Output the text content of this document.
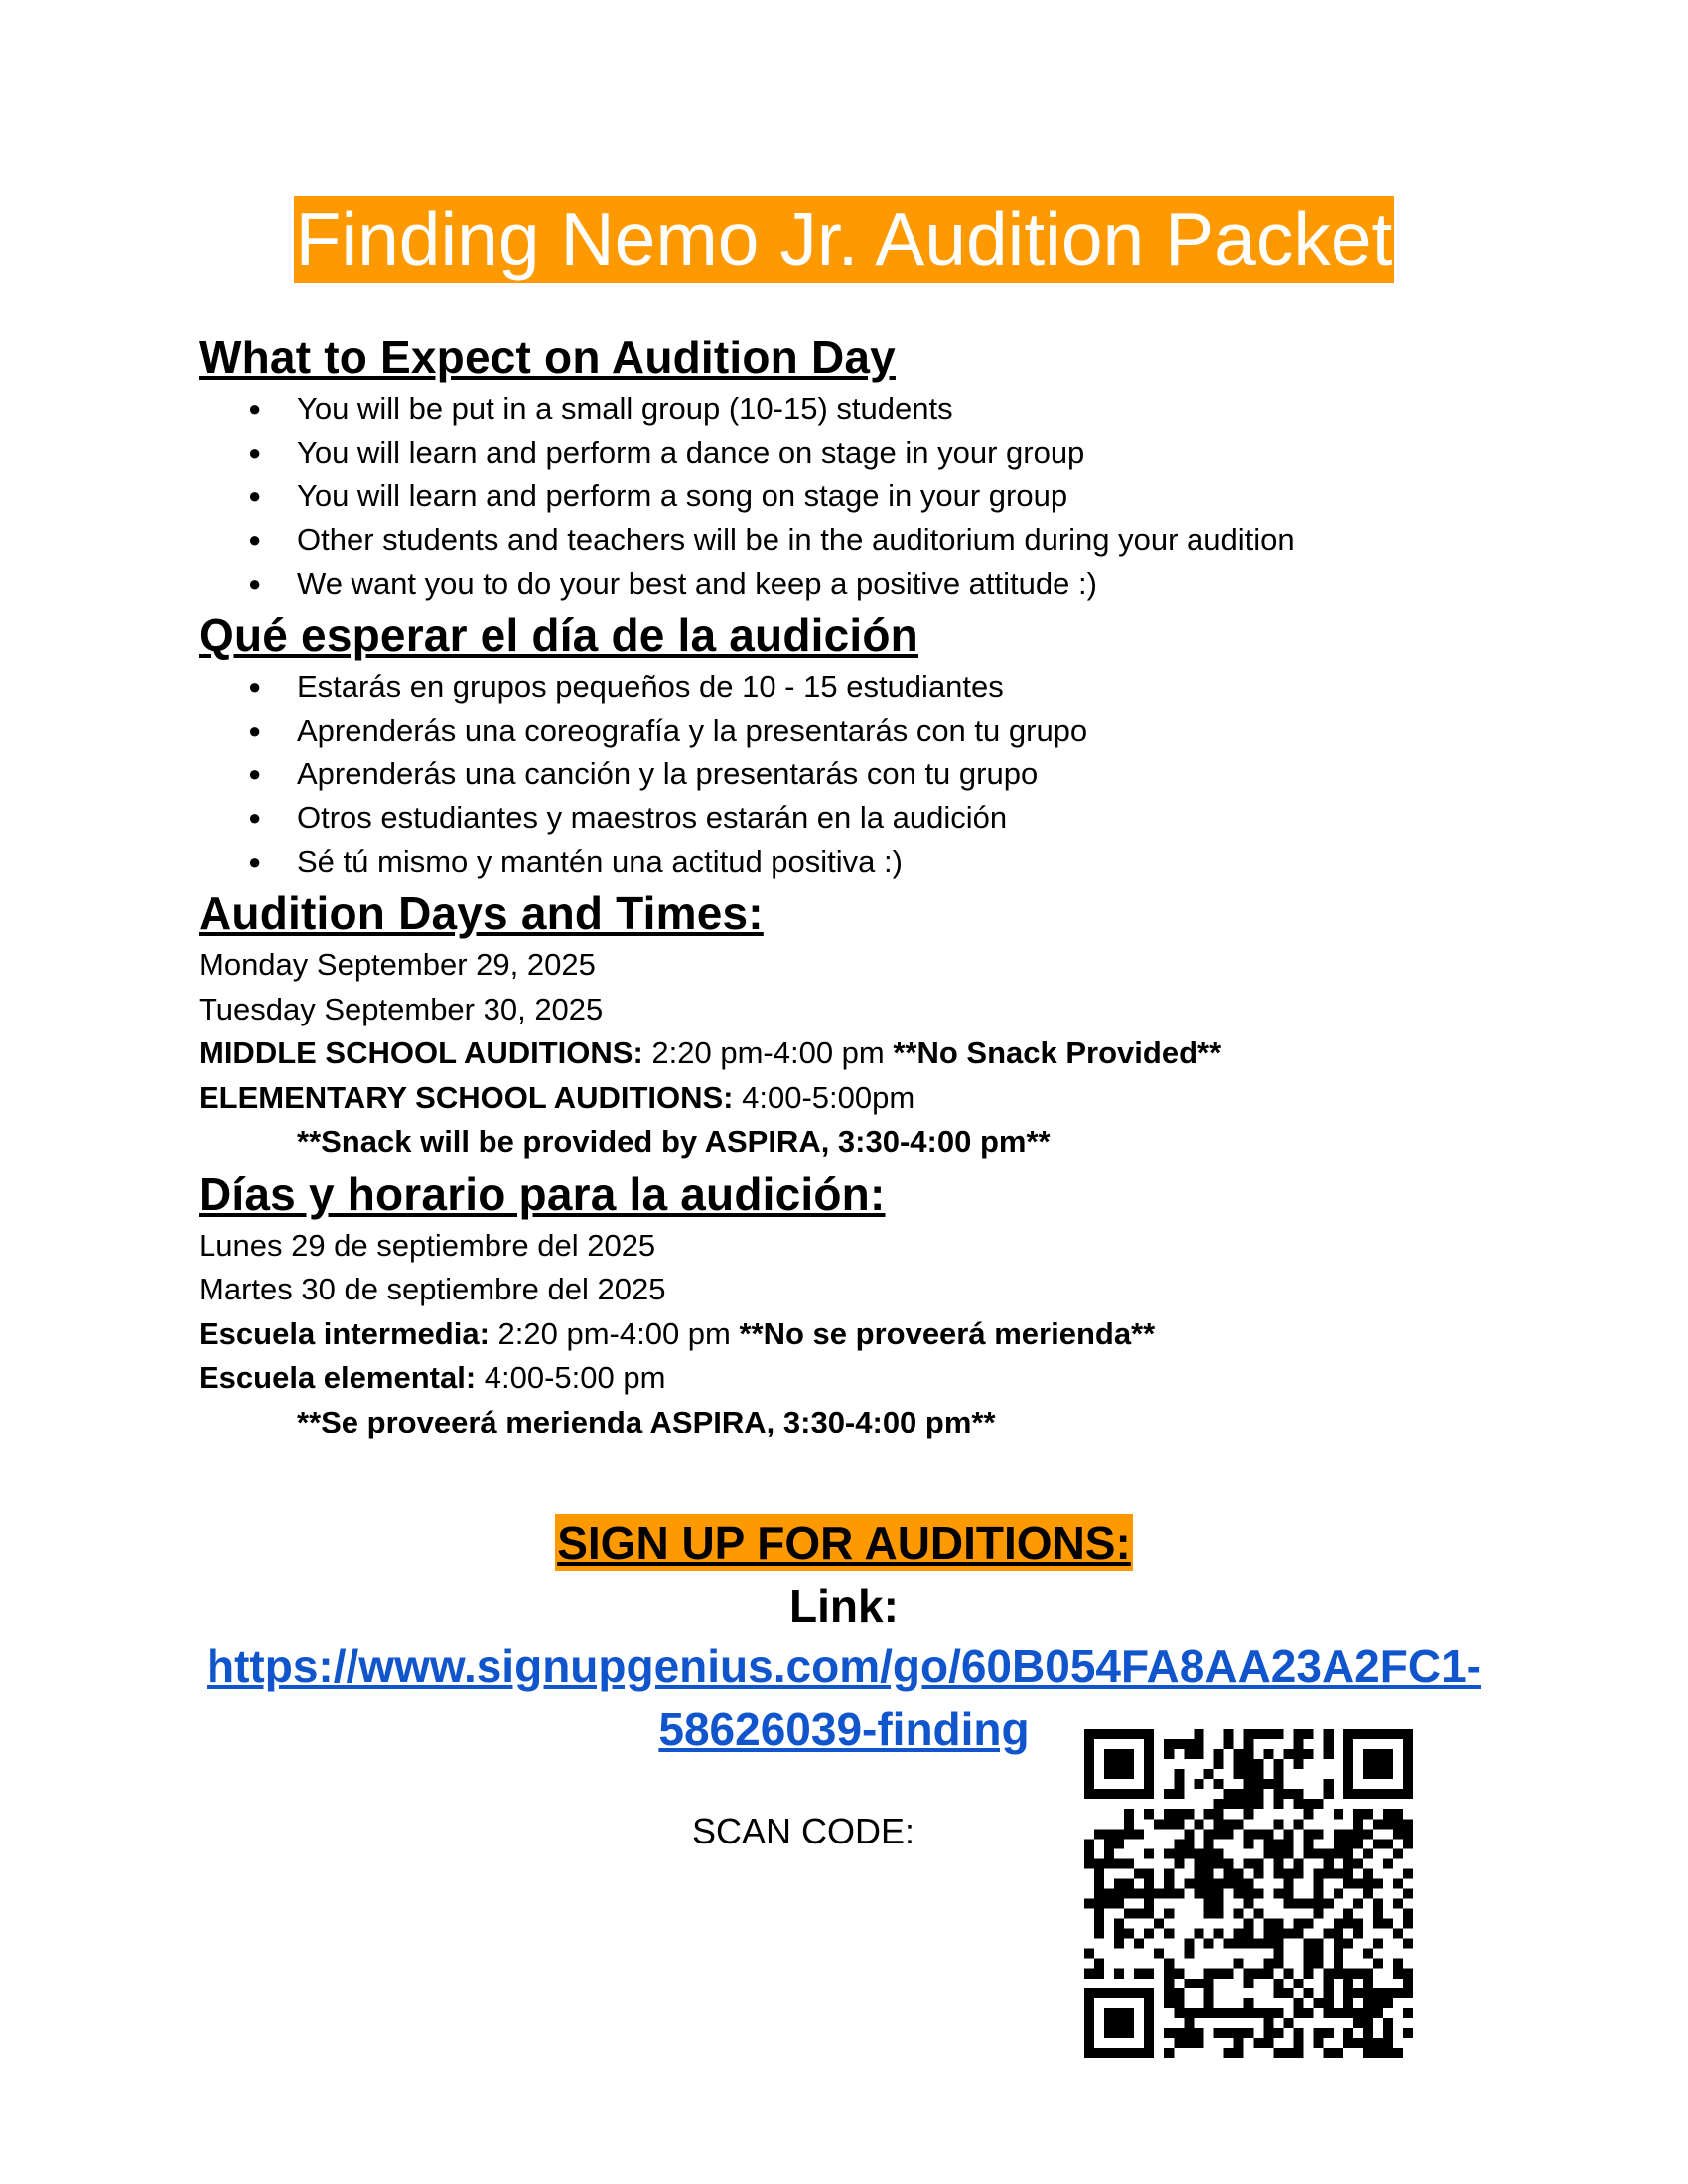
Finding Nemo Jr. Audition Packet
What to Expect on Audition Day
● You will be put in a small group (10-15) students
● You will learn and perform a dance on stage in your group
● You will learn and perform a song on stage in your group
● Other students and teachers will be in the auditorium during your audition
● We want you to do your best and keep a positive attitude :)
Qué esperar el día de la audición
● Estarás en grupos pequeños de 10 - 15 estudiantes
● Aprenderás una coreografía y la presentarás con tu grupo
● Aprenderás una canción y la presentarás con tu grupo
● Otros estudiantes y maestros estarán en la audición
● Sé tú mismo y mantén una actitud positiva :)
Audition Days and Times:
Monday September 29, 2025
Tuesday September 30, 2025
MIDDLE SCHOOL AUDITIONS: 2:20 pm-4:00 pm **No Snack Provided**
ELEMENTARY SCHOOL AUDITIONS: 4:00-5:00pm
**Snack will be provided by ASPIRA, 3:30-4:00 pm**
Días y horario para la audición:
Lunes 29 de septiembre del 2025
Martes 30 de septiembre del 2025
Escuela intermedia: 2:20 pm-4:00 pm **No se proveerá merienda**
Escuela elemental: 4:00-5:00 pm
**Se proveerá merienda ASPIRA, 3:30-4:00 pm**
SIGN UP FOR AUDITIONS:
Link:
https://www.signupgenius.com/go/60B054FA8AA23A2FC1-58626039-finding
SCAN CODE:
